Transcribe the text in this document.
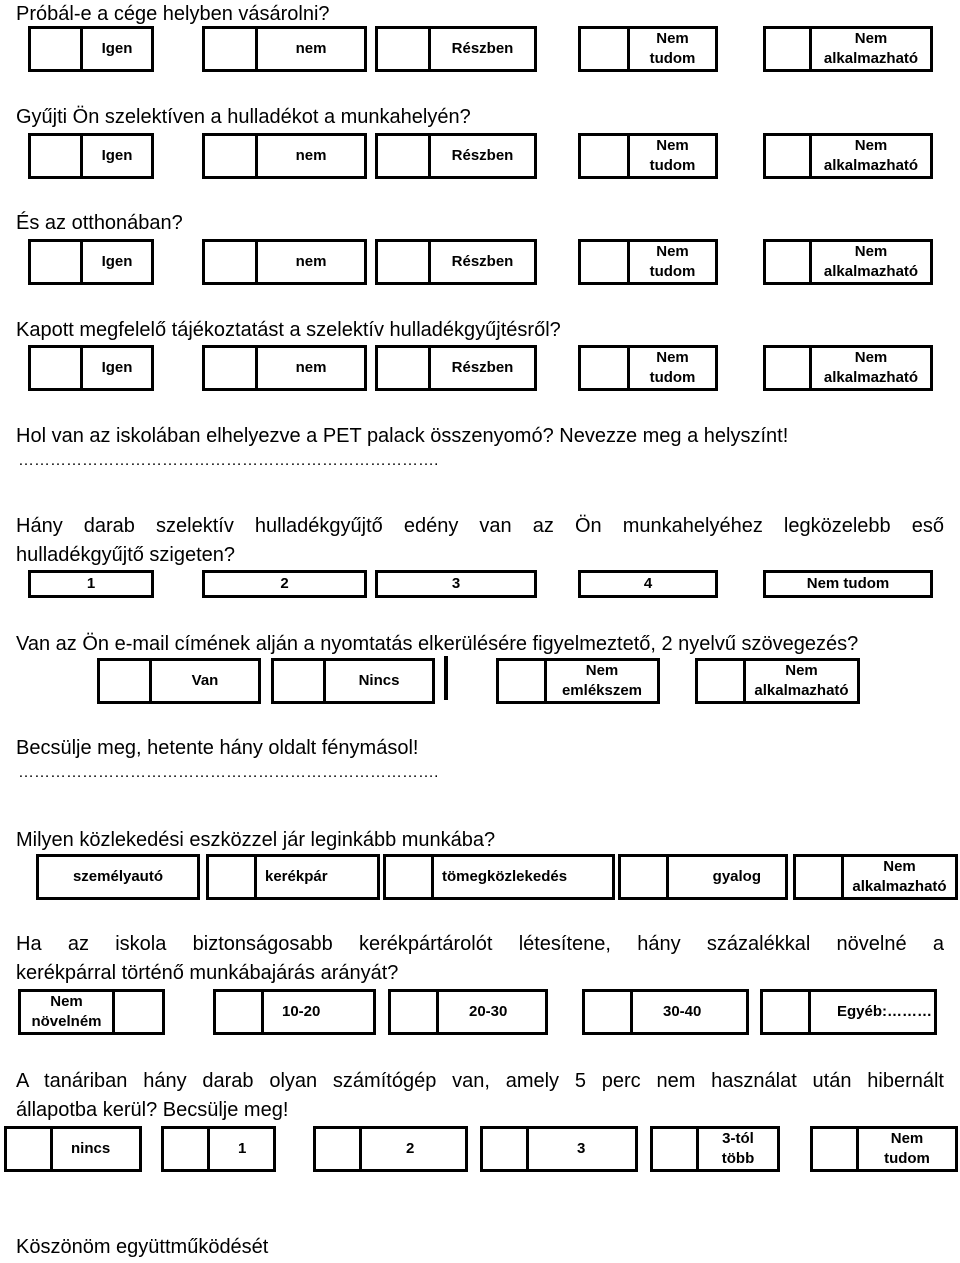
Próbál-e a cége helyben vásárolni?

Igen	nem	Részben
Nem
tudom
Nem
alkalmazható

Gyűjti Ön szelektíven a hulladékot a munkahelyén?

Igen	nem	Részben
Nem
tudom
Nem
alkalmazható

És az otthonában?

Igen	nem	Részben
Nem
tudom
Nem
alkalmazható

Kapott megfelelő tájékoztatást a szelektív hulladékgyűjtésről?

Igen	nem	Részben
Nem
tudom
Nem
alkalmazható

Hol van az iskolában elhelyezve a PET palack összenyomó? Nevezze meg a helyszínt!

…………………………………………………………………….

Hány darab szelektív hulladékgyűjtő edény van az Ön munkahelyéhez legközelebb eső

hulladékgyűjtő szigeten?

1	2	3	4	Nem tudom

Van az Ön e-mail címének alján a nyomtatás elkerülésére figyelmeztető, 2 nyelvű szövegezés?

Van	Nincs
Nem
emlékszem
Nem
alkalmazható

Becsülje meg, hetente hány oldalt fénymásol!

…………………………………………………………………….

Milyen közlekedési eszközzel jár leginkább munkába?

személyautó	kerékpár	tömegközlekedés	gyalog
Nem
alkalmazható

Ha az iskola biztonságosabb kerékpártárolót létesítene, hány százalékkal növelné a

kerékpárral történő munkábajárás arányát?

Nem
növelném
10-20	20-30	30-40	Egyéb:………

A tanáriban hány darab olyan számítógép van, amely 5 perc nem használat után hibernált

állapotba kerül? Becsülje meg!

nincs	1	2	3
3-tól
több
Nem
tudom

Köszönöm együttműködését
